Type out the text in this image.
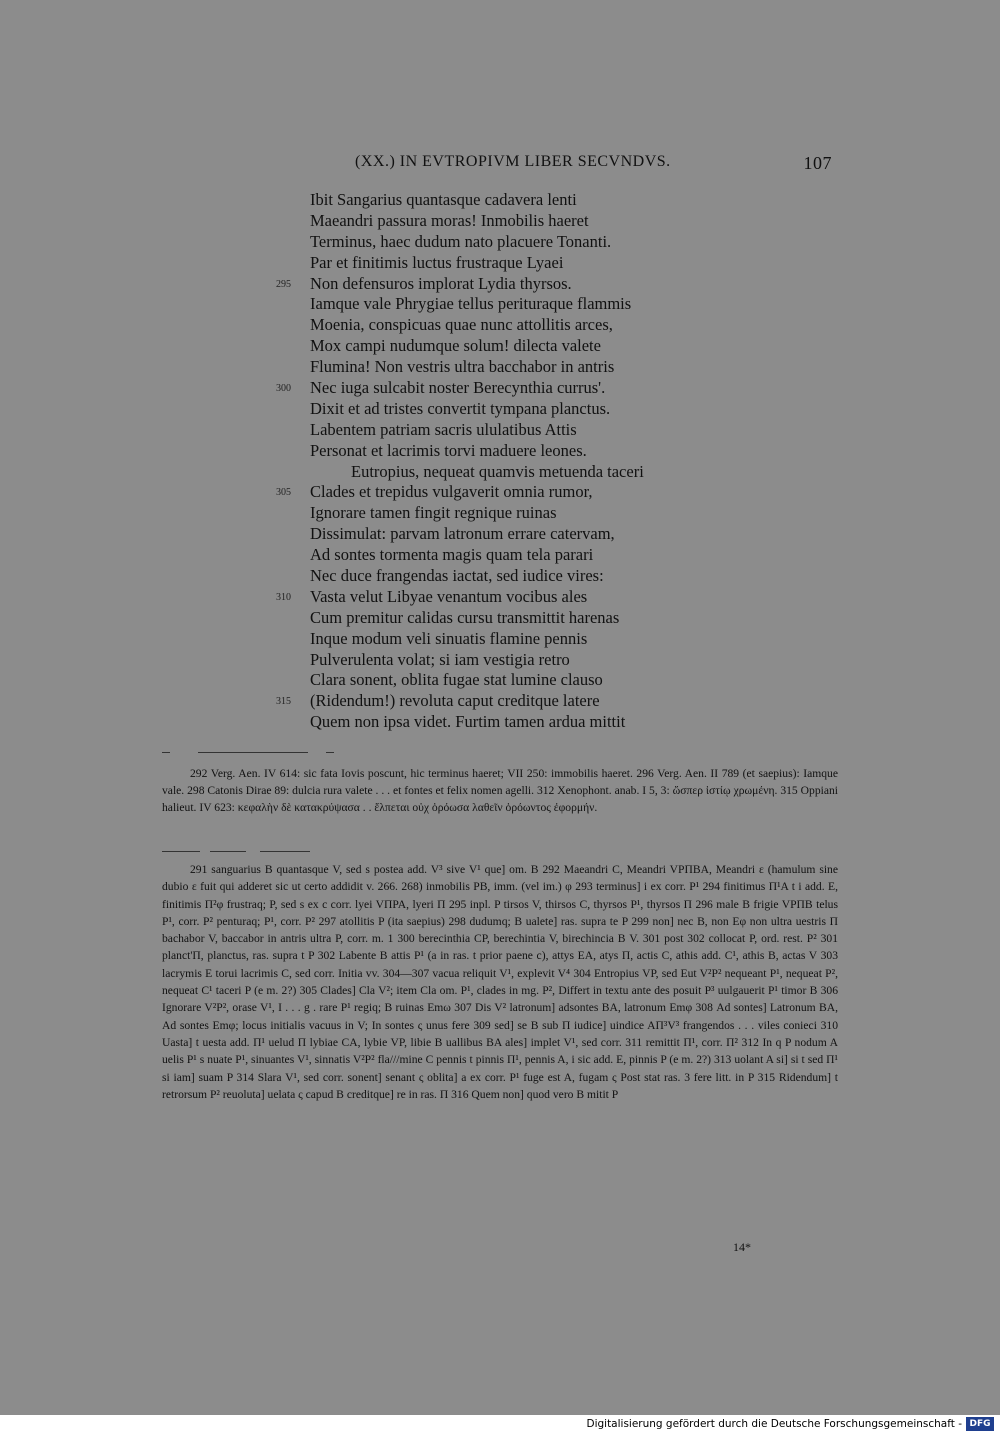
(XX.) IN EVTROPIVM LIBER SECVNDVS.	107
Ibit Sangarius quantasque cadavera lenti
Maeandri passura moras! Inmobilis haeret
Terminus, haec dudum nato placuere Tonanti.
Par et finitimis luctus frustraque Lyaei
295 Non defensuros implorat Lydia thyrsos.
Iamque vale Phrygiae tellus perituraque flammis
Moenia, conspicuas quae nunc attollitis arces,
Mox campi nudumque solum! dilecta valete
Flumina! Non vestris ultra bacchabor in antris
300 Nec iuga sulcabit noster Berecynthia currus'.
Dixit et ad tristes convertit tympana planctus.
Labentem patriam sacris ululatibus Attis
Personat et lacrimis torvi maduere leones.
Eutropius, nequeat quamvis metuenda taceri
305 Clades et trepidus vulgaverit omnia rumor,
Ignorare tamen fingit regnique ruinas
Dissimulat: parvam latronum errare catervam,
Ad sontes tormenta magis quam tela parari
Nec duce frangendas iactat, sed iudice vires:
310 Vasta velut Libyae venantum vocibus ales
Cum premitur calidas cursu transmittit harenas
Inque modum veli sinuatis flamine pennis
Pulverulenta volat; si iam vestigia retro
Clara sonent, oblita fugae stat lumine clauso
315 (Ridendum!) revoluta caput creditque latere
Quem non ipsa videt. Furtim tamen ardua mittit

292 Verg. Aen. IV 614: sic fata Iovis poscunt, hic terminus haeret; VII 250: immobilis haeret. 296 Verg. Aen. II 789 (et saepius): Iamque vale. 298 Catonis Dirae 89: dulcia rura valete . . . et fontes et felix nomen agelli. 312 Xenophont. anab. I 5, 3: ὥσπερ ἱστίῳ χρωμένη. 315 Oppiani halieut. IV 623: κεφαλὴν δὲ κατακρύψασα . . ἔλπεται οὐχ ὁρόωσα λαθεῖν ὁρόωντος ἐφορμήν.

291 sanguarius B quantasque V, sed s postea add. V³ sive V¹ que] om. B 292 Maeandri C, Meandri VPΠBA, Meandri ε (hamulum sine dubio ε fuit qui adderet sic ut certo addidit v. 266. 268) inmobilis PB, imm. (vel im.) φ 293 terminus] i ex corr. P¹ 294 finitimus Π¹A t i add. E, finitimis Π²φ frustraq; P, sed s ex c corr. lyei VΠPA, lyeri Π 295 inpl. P tirsos V, thirsos C, thyrsos P¹, thyrsos Π 296 male B frigie VPΠB telus P¹, corr. P² penturaq; P¹, corr. P² 297 atollitis P (ita saepius) 298 dudumq; B ualete] ras. supra te P 299 non] nec B, non Eφ non ultra uestris Π bachabor V, baccabor in antris ultra P, corr. m. 1 300 berecinthia CP, berechintia V, birechincia B V. 301 post 302 collocat P, ord. rest. P² 301 planct'Π, planctus, ras. supra t P 302 Labente B attis P¹ (a in ras. t prior paene c), attys EA, atys Π, actis C, athis add. C¹, athis B, actas V 303 lacrymis E torui lacrimis C, sed corr. Initia vv. 304—307 vacua reliquit V¹, explevit V⁴ 304 Entropius VP, sed Eut V²P² nequeant P¹, nequeat P², nequeat C¹ taceri P (e m. 2?) 305 Clades] Cla V²; item Cla om. P¹, clades in mg. P², Differt in textu ante des posuit P³ uulgauerit P¹ timor B 306 Ignorare V²P², orase V¹, I . . . g . rare P¹ regiq; B ruinas Emω 307 Dis V² latronum] adsontes BA, latronum Emφ 308 Ad sontes] Latronum BA, Ad sontes Emφ; locus initialis vacuus in V; In sontes ς unus fere 309 sed] se B sub Π iudice] uindice AΠ³V³ frangendos . . . viles conieci 310 Uasta] t uesta add. Π¹ uelud Π lybiae CA, lybie VP, libie B uallibus BA ales] implet V¹, sed corr. 311 remittit Π¹, corr. Π² 312 In q P nodum A uelis P¹ s nuate P¹, sinuantes V¹, sinnatis V²P² fla///mine C pennis t pinnis Π¹, pennis A, i sic add. E, pinnis P (e m. 2?) 313 uolant A si] si t sed Π¹ si iam] suam P 314 Slara V¹, sed corr. sonent] senant ς oblita] a ex corr. P¹ fuge est A, fugam ς Post stat ras. 3 fere litt. in P 315 Ridendum] t retrorsum P² reuoluta] uelata ς capud B creditque] re in ras. Π 316 Quem non] quod vero B mitit P

14*
Digitalisierung gefördert durch die Deutsche Forschungsgemeinschaft - DFG
